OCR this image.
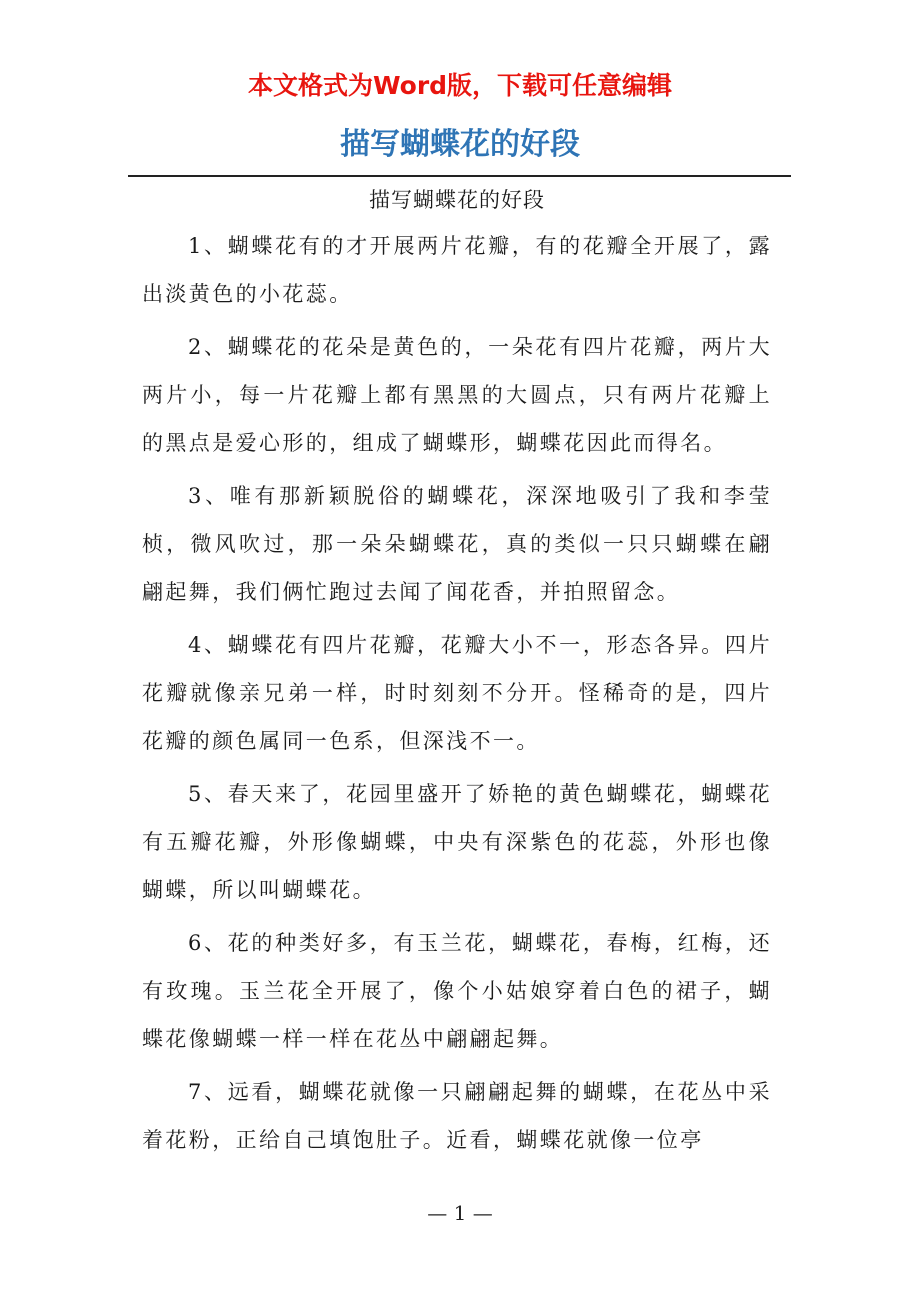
本文格式为Word版，下载可任意编辑
描写蝴蝶花的好段

描写蝴蝶花的好段

1、蝴蝶花有的才开展两片花瓣，有的花瓣全开展了，露出淡黄色的小花蕊。

2、蝴蝶花的花朵是黄色的，一朵花有四片花瓣，两片大两片小，每一片花瓣上都有黑黑的大圆点，只有两片花瓣上的黑点是爱心形的，组成了蝴蝶形，蝴蝶花因此而得名。

3、唯有那新颖脱俗的蝴蝶花，深深地吸引了我和李莹桢，微风吹过，那一朵朵蝴蝶花，真的类似一只只蝴蝶在翩翩起舞，我们俩忙跑过去闻了闻花香，并拍照留念。

4、蝴蝶花有四片花瓣，花瓣大小不一，形态各异。四片花瓣就像亲兄弟一样，时时刻刻不分开。怪稀奇的是，四片花瓣的颜色属同一色系，但深浅不一。

5、春天来了，花园里盛开了娇艳的黄色蝴蝶花，蝴蝶花有五瓣花瓣，外形像蝴蝶，中央有深紫色的花蕊，外形也像蝴蝶，所以叫蝴蝶花。

6、花的种类好多，有玉兰花，蝴蝶花，春梅，红梅，还有玫瑰。玉兰花全开展了，像个小姑娘穿着白色的裙子，蝴蝶花像蝴蝶一样一样在花丛中翩翩起舞。

7、远看，蝴蝶花就像一只翩翩起舞的蝴蝶，在花丛中采着花粉，正给自己填饱肚子。近看，蝴蝶花就像一位亭

— 1 —
